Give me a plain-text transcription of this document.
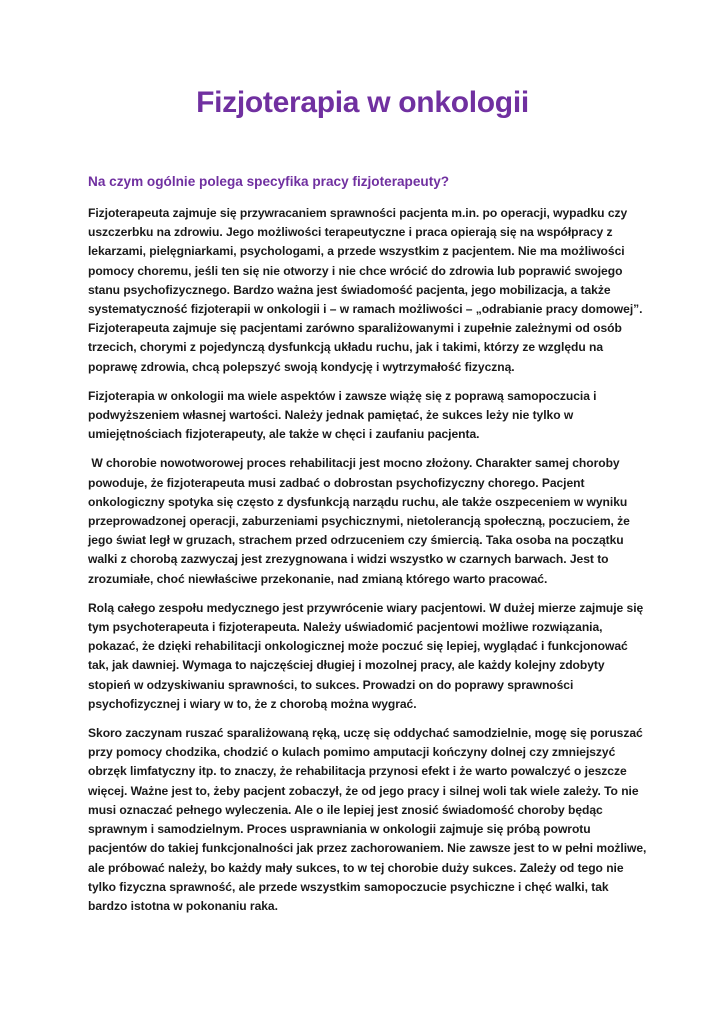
Fizjoterapia w onkologii
Na czym ogólnie polega specyfika pracy fizjoterapeuty?

Fizjoterapeuta zajmuje się przywracaniem sprawności pacjenta m.in. po operacji, wypadku czy uszczerbku na zdrowiu. Jego możliwości terapeutyczne i praca opierają się na współpracy z lekarzami, pielęgniarkami, psychologami, a przede wszystkim z pacjentem. Nie ma możliwości pomocy choremu, jeśli ten się nie otworzy i nie chce wrócić do zdrowia lub poprawić swojego stanu psychofizycznego. Bardzo ważna jest świadomość pacjenta, jego mobilizacja, a także systematyczność fizjoterapii w onkologii i – w ramach możliwości – „odrabianie pracy domowej”. Fizjoterapeuta zajmuje się pacjentami zarówno sparaliżowanymi i zupełnie zależnymi od osób trzecich, chorymi z pojedynczą dysfunkcją układu ruchu, jak i takimi, którzy ze względu na poprawę zdrowia, chcą polepszyć swoją kondycję i wytrzymałość fizyczną.

Fizjoterapia w onkologii ma wiele aspektów i zawsze wiążę się z poprawą samopoczucia i podwyższeniem własnej wartości. Należy jednak pamiętać, że sukces leży nie tylko w umiejętnościach fizjoterapeuty, ale także w chęci i zaufaniu pacjenta.

W chorobie nowotworowej proces rehabilitacji jest mocno złożony. Charakter samej choroby powoduje, że fizjoterapeuta musi zadbać o dobrostan psychofizyczny chorego. Pacjent onkologiczny spotyka się często z dysfunkcją narządu ruchu, ale także oszpeceniem w wyniku przeprowadzonej operacji, zaburzeniami psychicznymi, nietolerancją społeczną, poczuciem, że jego świat legł w gruzach, strachem przed odrzuceniem czy śmiercią. Taka osoba na początku walki z chorobą zazwyczaj jest zrezygnowana i widzi wszystko w czarnych barwach. Jest to zrozumiałe, choć niewłaściwe przekonanie, nad zmianą którego warto pracować.

Rolą całego zespołu medycznego jest przywrócenie wiary pacjentowi. W dużej mierze zajmuje się tym psychoterapeuta i fizjoterapeuta. Należy uświadomić pacjentowi możliwe rozwiązania, pokazać, że dzięki rehabilitacji onkologicznej może poczuć się lepiej, wyglądać i funkcjonować tak, jak dawniej. Wymaga to najczęściej długiej i mozolnej pracy, ale każdy kolejny zdobyty stopień w odzyskiwaniu sprawności, to sukces. Prowadzi on do poprawy sprawności psychofizycznej i wiary w to, że z chorobą można wygrać.

Skoro zaczynam ruszać sparaliżowaną ręką, uczę się oddychać samodzielnie, mogę się poruszać przy pomocy chodzika, chodzić o kulach pomimo amputacji kończyny dolnej czy zmniejszyć obrzęk limfatyczny itp. to znaczy, że rehabilitacja przynosi efekt i że warto powalczyć o jeszcze więcej. Ważne jest to, żeby pacjent zobaczył, że od jego pracy i silnej woli tak wiele zależy. To nie musi oznaczać pełnego wyleczenia. Ale o ile lepiej jest znosić świadomość choroby będąc sprawnym i samodzielnym. Proces usprawniania w onkologii zajmuje się próbą powrotu pacjentów do takiej funkcjonalności jak przez zachorowaniem. Nie zawsze jest to w pełni możliwe, ale próbować należy, bo każdy mały sukces, to w tej chorobie duży sukces. Zależy od tego nie tylko fizyczna sprawność, ale przede wszystkim samopoczucie psychiczne i chęć walki, tak bardzo istotna w pokonaniu raka.
